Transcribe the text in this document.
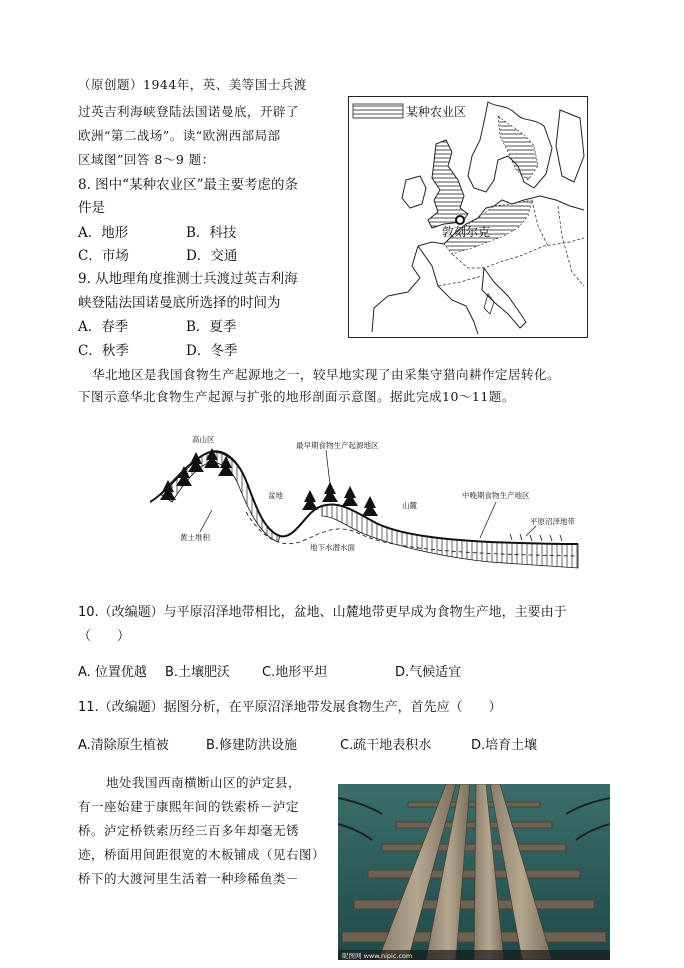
（原创题）1944年，英、美等国士兵渡
过英吉利海峡登陆法国诺曼底，开辟了
欧洲“第二战场”。读“欧洲西部局部
区域图”回答 8～9 题：
8. 图中“某种农业区”最主要考虑的条
件是
A．地形	B．科技
C．市场	D．交通
9. 从地理角度推测士兵渡过英吉利海
峡登陆法国诺曼底所选择的时间为
A．春季	B．夏季
C．秋季	D．冬季
某种农业区
敦刻尔克
华北地区是我国食物生产起源地之一，较早地实现了由采集守猎向耕作定居转化。
下图示意华北食物生产起源与扩张的地形剖面示意图。据此完成10～11题。
高山区
最早期食物生产起源地区
盆地
山麓
中晚期食物生产地区
平原沼泽地带
黄土堆积
地下水潜水面
10.（改编题）与平原沼泽地带相比，盆地、山麓地带更早成为食物生产地，主要由于
（　　）
A. 位置优越 B.土壤肥沃 C.地形平坦	D.气候适宜
11.（改编题）据图分析，在平原沼泽地带发展食物生产，首先应（　　）
A.清除原生植被	B.修建防洪设施	C.疏干地表积水	D.培育土壤
地处我国西南横断山区的泸定县，
有一座始建于康熙年间的铁索桥－泸定
桥。泸定桥铁索历经三百多年却毫无锈
迹，桥面用间距很宽的木板铺成（见右图）
桥下的大渡河里生活着一种珍稀鱼类－
昵图网 www.nipic.com
